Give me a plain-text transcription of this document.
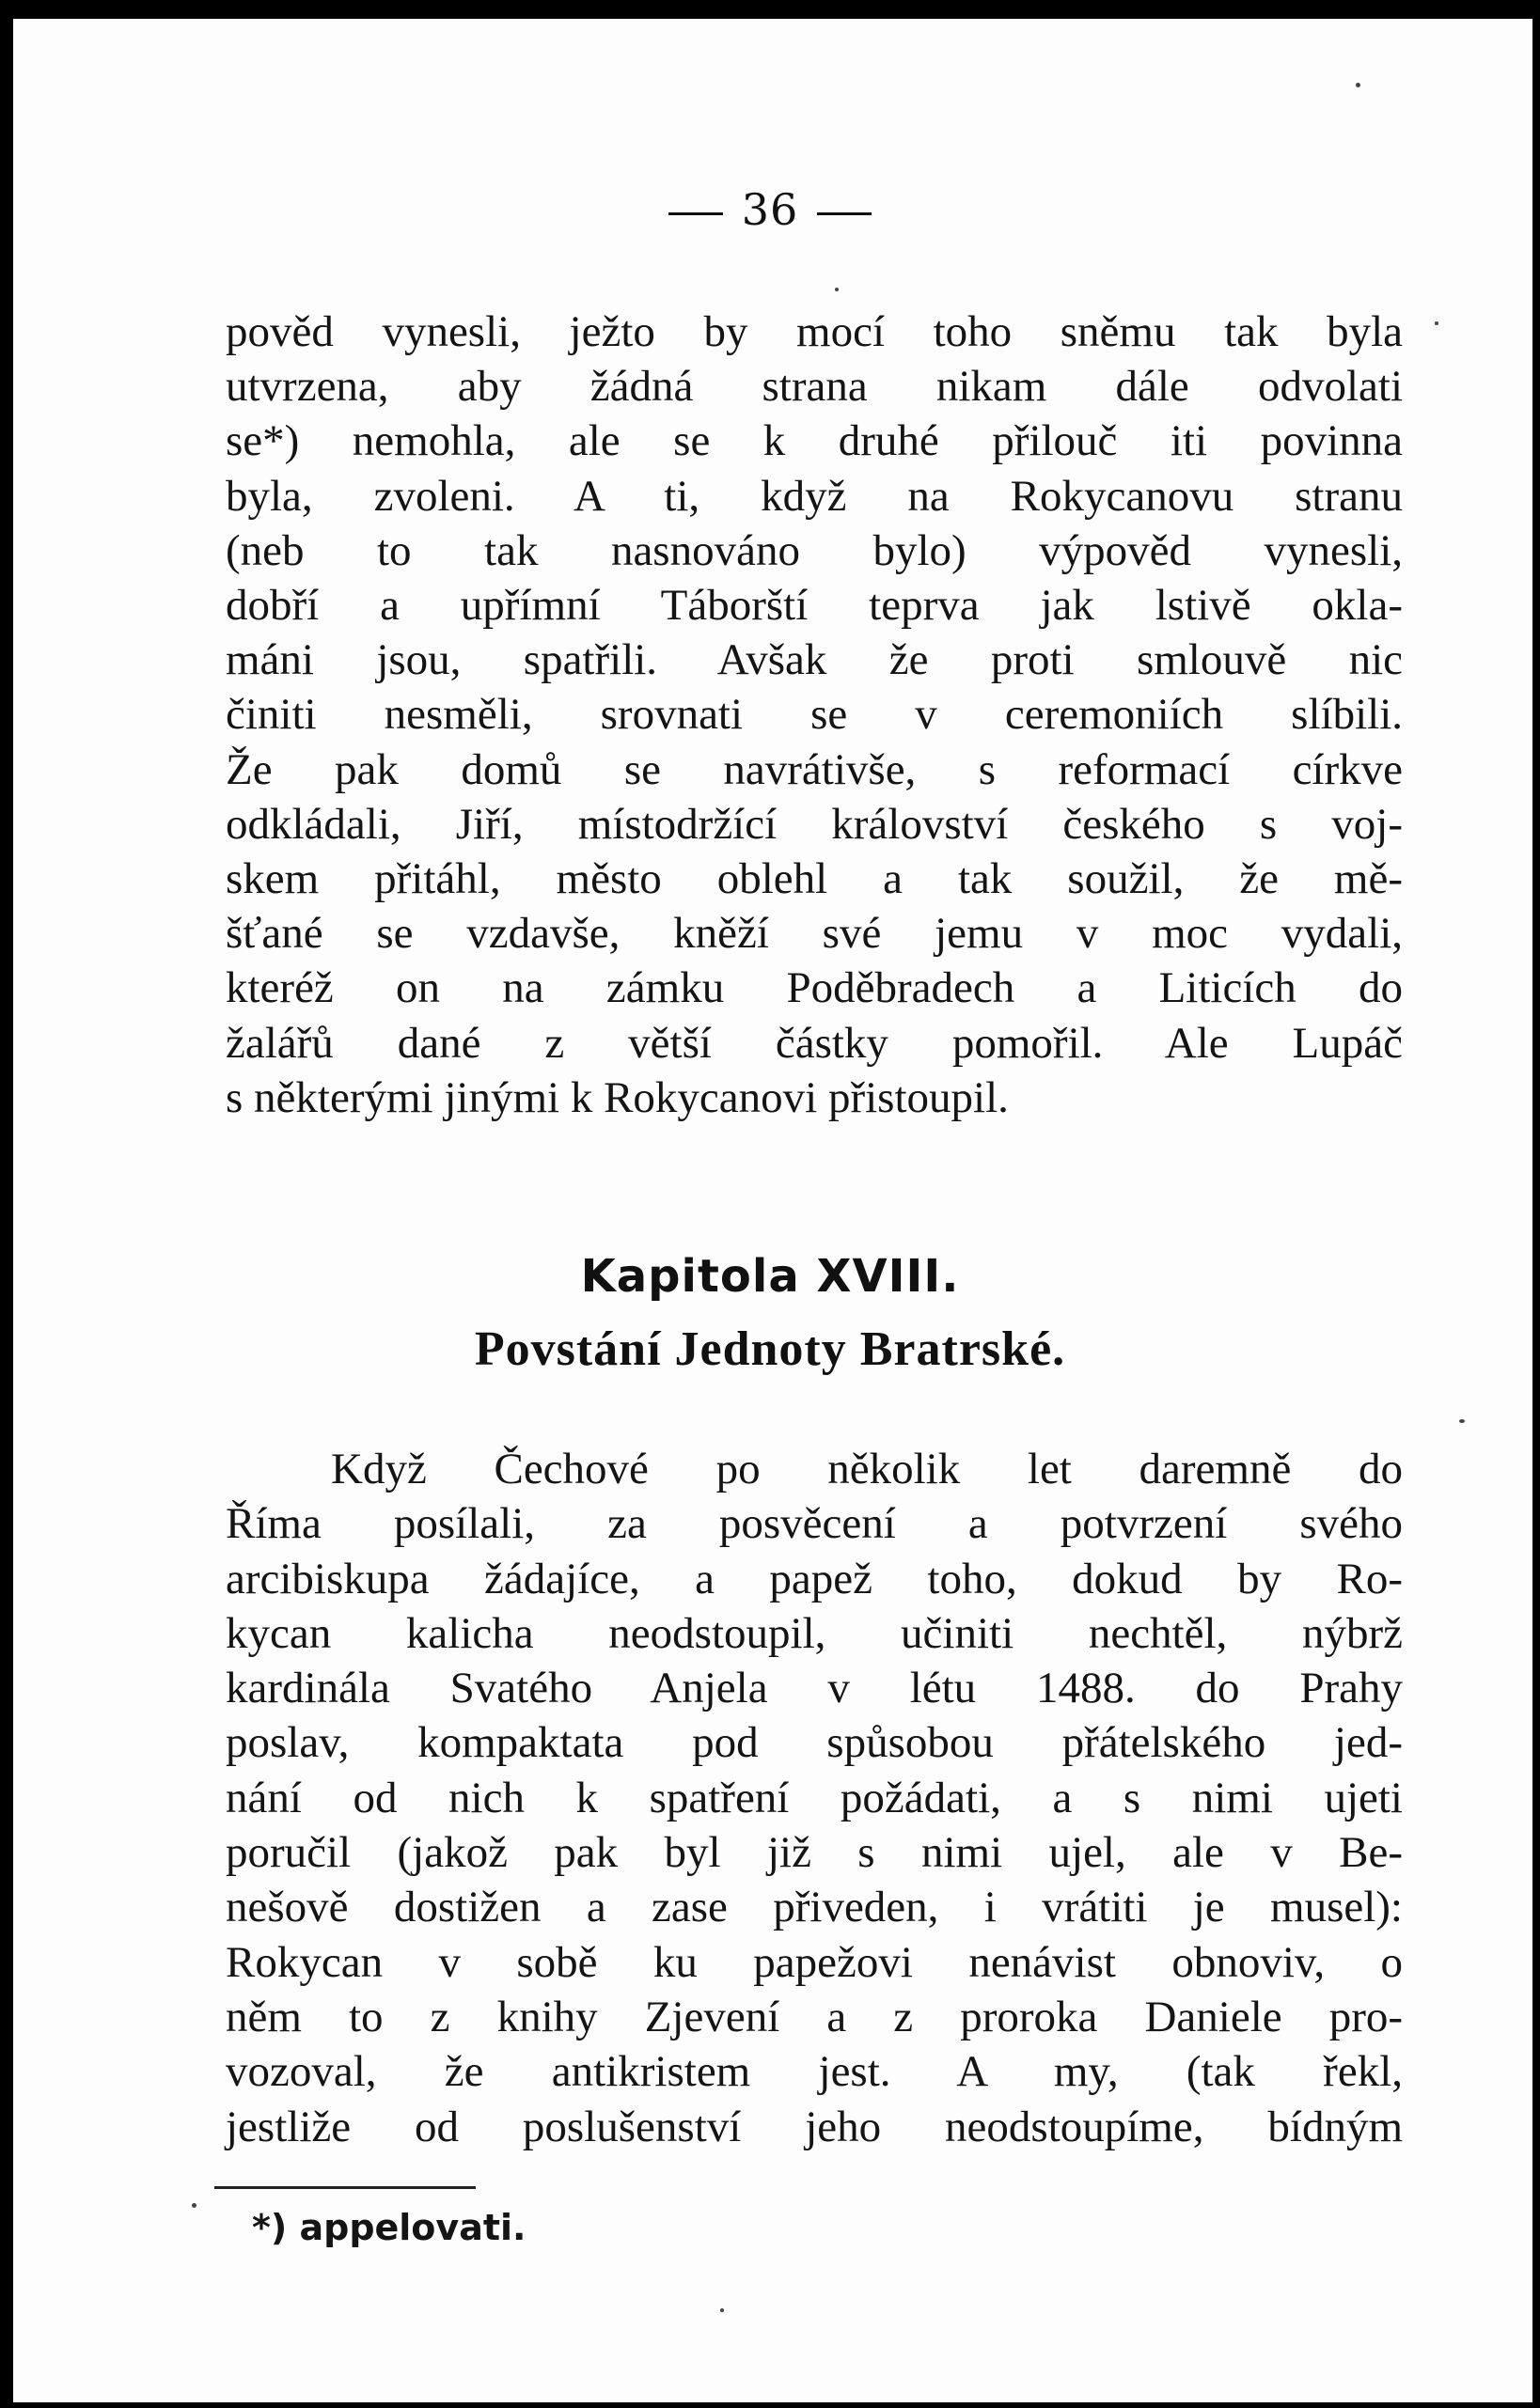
36
pověd vynesli, ježto by mocí toho sněmu tak byla
utvrzena, aby žádná strana nikam dále odvolati
se*) nemohla, ale se k druhé přilouč iti povinna
byla, zvoleni. A ti, když na Rokycanovu stranu
(neb to tak nasnováno bylo) výpověd vynesli,
dobří a upřímní Táborští teprva jak lstivě okla-
máni jsou, spatřili. Avšak že proti smlouvě nic
činiti nesměli, srovnati se v ceremoniích slíbili.
Že pak domů se navrátivše, s reformací církve
odkládali, Jiří, místodržící království českého s voj-
skem přitáhl, město oblehl a tak soužil, že mě-
šťané se vzdavše, kněží své jemu v moc vydali,
kteréž on na zámku Poděbradech a Liticích do
žalářů dané z větší částky pomořil. Ale Lupáč
s některými jinými k Rokycanovi přistoupil.
Kapitola XVIII.
Povstání Jednoty Bratrské.
Když Čechové po několik let daremně do
Říma posílali, za posvěcení a potvrzení svého
arcibiskupa žádajíce, a papež toho, dokud by Ro-
kycan kalicha neodstoupil, učiniti nechtěl, nýbrž
kardinála Svatého Anjela v létu 1488. do Prahy
poslav, kompaktata pod spůsobou přátelského jed-
nání od nich k spatření požádati, a s nimi ujeti
poručil (jakož pak byl již s nimi ujel, ale v Be-
nešově dostižen a zase přiveden, i vrátiti je musel):
Rokycan v sobě ku papežovi nenávist obnoviv, o
něm to z knihy Zjevení a z proroka Daniele pro-
vozoval, že antikristem jest. A my, (tak řekl,
jestliže od poslušenství jeho neodstoupíme, bídným
*) appelovati.
